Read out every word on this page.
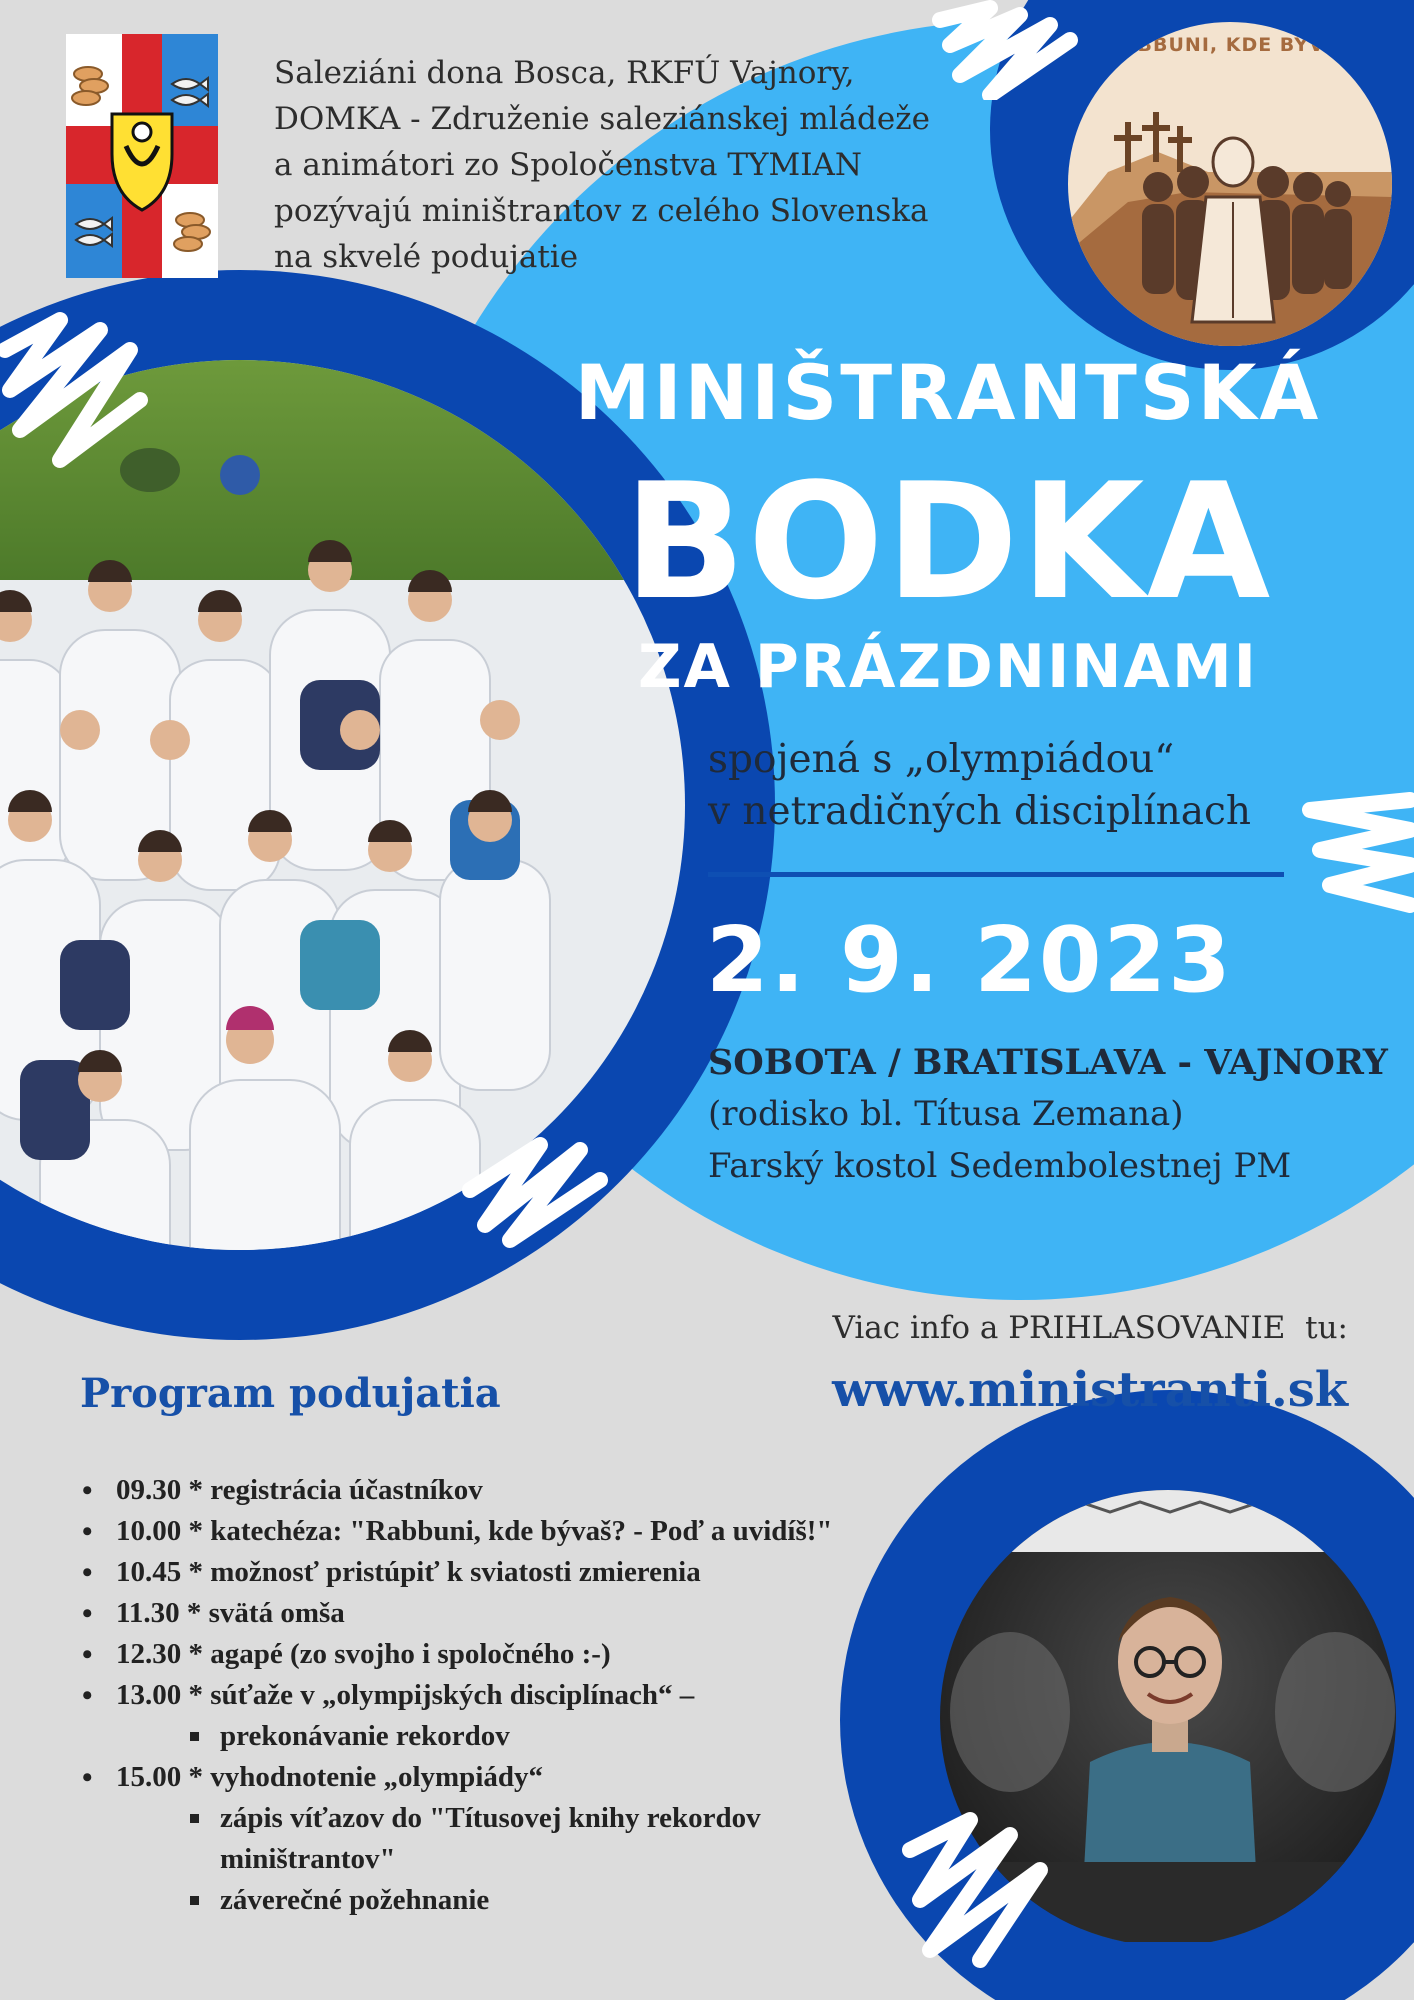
Saleziáni dona Bosca, RKFÚ Vajnory,
DOMKA - Združenie saleziánskej mládeže
a animátori zo Spoločenstva TYMIAN
pozývajú miništrantov z celého Slovenska
na skvelé podujatie
RABBUNI, KDE BÝVAŠ
MINIŠTRANTSKÁ
BODKA
ZA PRÁZDNINAMI
spojená s „olympiádou“
v netradičných disciplínach
2. 9. 2023
SOBOTA / BRATISLAVA - VAJNORY
(rodisko bl. Títusa Zemana)
Farský kostol Sedembolestnej PM
Viac info a PRIHLASOVANIE  tu:
www.ministranti.sk
Program podujatia
• 09.30 * registrácia účastníkov
• 10.00 * katechéza: "Rabbuni, kde bývaš? - Poď a uvidíš!"
• 10.45 * možnosť pristúpiť k sviatosti zmierenia
• 11.30 * svätá omša
• 12.30 * agapé (zo svojho i spoločného :-)
• 13.00 * súťaže v „olympijských disciplínach“ –
prekonávanie rekordov
• 15.00 * vyhodnotenie „olympiády“
zápis víťazov do "Títusovej knihy rekordov
miništrantov"
záverečné požehnanie
